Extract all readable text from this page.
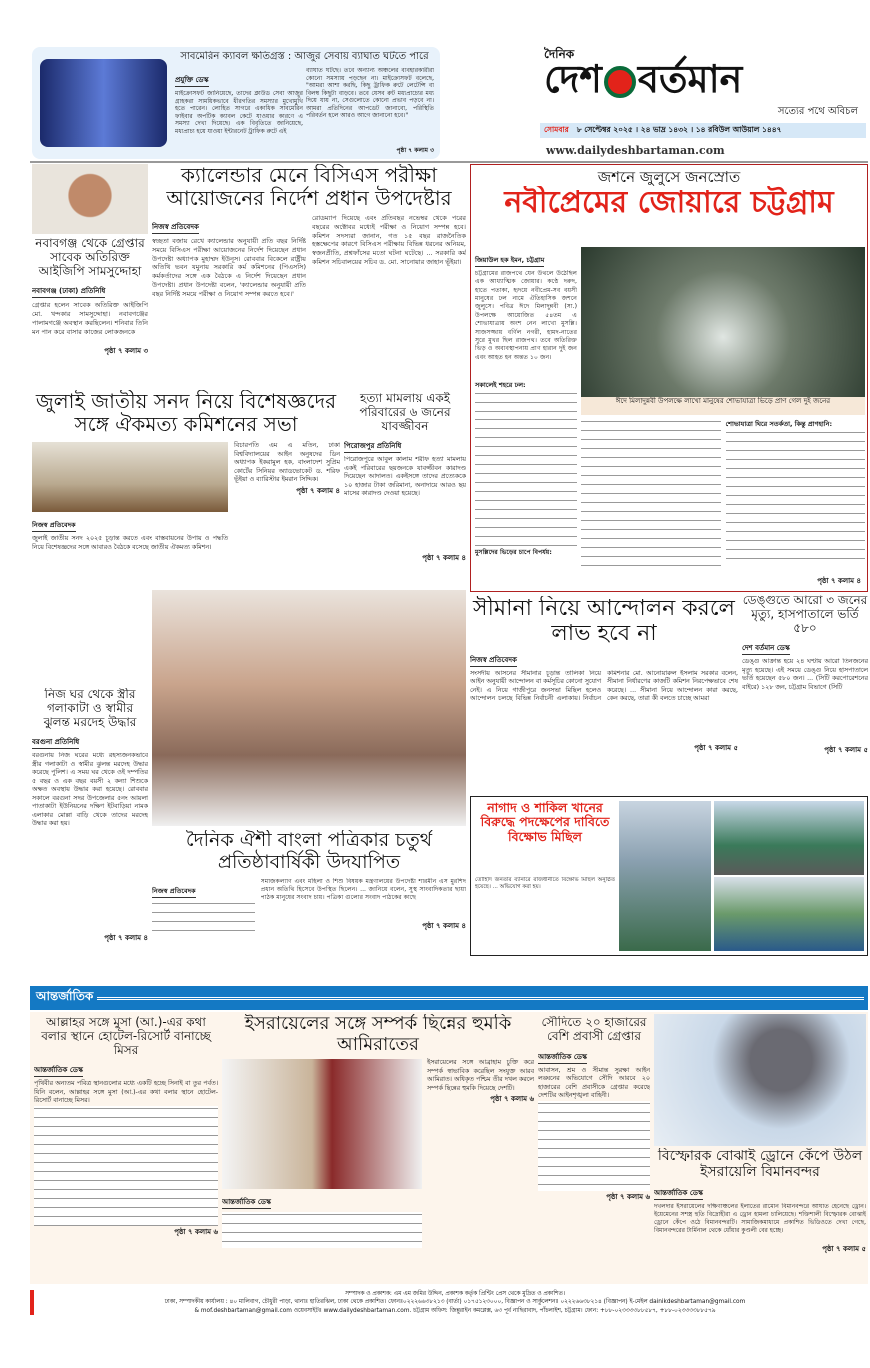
সাবমেরিন ক্যাবল ক্ষতিগ্রস্ত : আজুর সেবায় ব্যাঘাত ঘটতে পারে
প্রযুক্তি ডেস্ক
মাইক্রোসফট জানিয়েছে, তাদের ক্লাউড সেবা আজুর গ্রাহকরা সাময়িকভাবে ধীরগতির সমস্যার মুখোমুখি হতে পারেন। লোহিত সাগরে একাধিক সাবমেরিন ফাইবার অপটিক ক্যাবল কেটে যাওয়ার কারণে এ সমস্যা দেখা দিয়েছে। এক বিবৃতিতে জানিয়েছে, মধ্যপ্রাচ্য হয়ে যাওয়া ইন্টারনেট ট্রাফিক রুটে এই
ব্যাঘাত ঘটছে। তবে অন্যান্য অঞ্চলের ব্যবহারকারীরা কোনো সমস্যায় পড়ছেন না। মাইক্রোসফট বলেছে, "আমরা আশা করছি, কিছু ট্রাফিক রুটে লেটেন্সি বা বিলম্ব কিছুটা বাড়বে। তবে যেসব রুট মধ্যপ্রাচ্যের মধ্য দিয়ে যায় না, সেগুলোতে কোনো প্রভাব পড়বে না। আমরা প্রতিদিনের আপডেট জানাবো, পরিস্থিতি পরিবর্তন হলে আরও আগে জানানো হবে।"
পৃষ্ঠা ৭ কলাম ৩
দৈনিক
দেশ বর্তমান
সত্যের পথে অবিচল
সোমবার ৮ সেপ্টেম্বর ২০২৫ । ২৪ ভাদ্র ১৪৩২ । ১৪ রবিউল আউয়াল ১৪৪৭
www.dailydeshbartaman.com
নবাবগঞ্জ থেকে গ্রেপ্তার সাবেক অতিরিক্ত আইজিপি সামসুদ্দোহা
নবাবগঞ্জ (ঢাকা) প্রতিনিধি
গ্রেপ্তার হলেন সাবেক অতিরিক্ত আইজিপি মো. খন্দকার সামসুদ্দোহা। নবাবগঞ্জের পালামগঞ্জে অবস্থান করছিলেন। শনিবার তিনি মন পান করে বাসার কাজের লোকজনকে
পৃষ্ঠা ৭ কলাম ৩
ক্যালেন্ডার মেনে বিসিএস পরীক্ষা আয়োজনের নির্দেশ প্রধান উপদেষ্টার
নিজস্ব প্রতিবেদক
স্বচ্ছতা বজায় রেখে ক্যালেন্ডার অনুযায়ী প্রতি বছর নির্দিষ্ট সময়ে বিসিএস পরীক্ষা আয়োজনের নির্দেশ দিয়েছেন প্রধান উপদেষ্টা অধ্যাপক মুহাম্মদ ইউনূস। রোববার বিকেলে রাষ্ট্রীয় অতিথি ভবন যমুনায় সরকারি কর্ম কমিশনের (পিএসসি) কর্মকর্তাদের সঙ্গে এক বৈঠকে এ নির্দেশ দিয়েছেন প্রধান উপদেষ্টা। প্রধান উপদেষ্টা বলেন, 'ক্যালেন্ডার অনুযায়ী প্রতি বছর নির্দিষ্ট সময়ে পরীক্ষা ও নিয়োগ সম্পন্ন করতে হবে।'
রোডম্যাপ দিয়েছে এবং প্রতিবছর নভেম্বর থেকে পরের বছরের অক্টোবর মধ্যেই পরীক্ষা ও নিয়োগ সম্পন্ন হবে। কমিশন সদস্যরা জানান, গত ১৫ বছর রাজনৈতিক হস্তক্ষেপের কারণে বিসিএস পরীক্ষায় বিভিন্ন ধরনের অনিয়ম, স্বজনপ্রীতি, প্রশ্নফাঁসের মতো ঘটনা ঘটেছে। ... সরকারি কর্ম কমিশন সচিবালয়ের সচিব ড. মো. সানোয়ার জাহান ভূঁইয়া।
জশনে জুলুসে জনস্রোত
নবীপ্রেমের জোয়ারে চট্টগ্রাম
জিয়াউল হক ইমন, চট্টগ্রাম
চট্টগ্রামের রাজপথে যেন উথলে উঠেছিল এক আধ্যাত্মিক জোয়ার। কণ্ঠে দরুদ, হাতে পতাকা, হৃদয়ে নবীপ্রেম-সব বয়সী মানুষের ঢল নামে ঐতিহাসিক জশনে জুলুসে। পবিত্র ঈদে মিলাদুন্নবী (সা.) উপলক্ষে আয়োজিত ৫৪তম এ শোভাযাত্রায় অংশ নেন লাখো মুসল্লি। সাজসজ্জায় বর্ণিল নগরী, হামদ-নাতের সুরে মুখর ছিল রাজপথ। তবে অতিরিক্ত ভিড় ও অব্যবস্থাপনায় প্রাণ হারান দুই জন এবং আহত হন অন্তত ১০ জন।
সকালেই শহরে ঢল:
ঈদে মিলাদুন্নবী উপলক্ষে লাখো মানুষের শোভাযাত্রা ভিড়ে প্রাণ গেল দুই জনের
শোভাযাত্রা ঘিরে সতর্কতা, কিন্তু প্রাণহানি:
মুসল্লিদের ভিড়ের চাপে বিপর্যয়:
পৃষ্ঠা ৭ কলাম ৪
জুলাই জাতীয় সনদ নিয়ে বিশেষজ্ঞদের সঙ্গে ঐকমত্য কমিশনের সভা
নিজস্ব প্রতিবেদক
জুলাই জাতীয় সনদ ২০২৫ চূড়ান্ত করতে এবং বাস্তবায়নের উপায় ও পদ্ধতি নিয়ে বিশেষজ্ঞদের সঙ্গে আবারও বৈঠকে বসেছে জাতীয় ঐকমত্য কমিশন।
বিচারপতি এম এ মতিন, ঢাকা বিশ্ববিদ্যালয়ের আইন অনুষদের ডিন অধ্যাপক ইকরামুল হক, বাংলাদেশ সুপ্রিম কোর্টের সিনিয়র অ্যাডভোকেট ড. শরিফ ভূঁইয়া ও ব্যারিস্টার ইমরান সিদ্দিক।
পৃষ্ঠা ৭ কলাম ৪
হত্যা মামলায় একই পরিবারের ৬ জনের যাবজ্জীবন
পিরোজপুর প্রতিনিধি
পিরোজপুরে আবুল কালাম শরীফ হত্যা মামলায় একই পরিবারের ছয়জনকে যাবজ্জীবন কারাদণ্ড দিয়েছেন আদালত। একইসঙ্গে তাদের প্রত্যেককে ১০ হাজার টাকা জরিমানা, অনাদায়ে আরও ছয় মাসের কারাদণ্ড দেওয়া হয়েছে।
পৃষ্ঠা ৭ কলাম ৪
নিজ ঘর থেকে স্ত্রীর গলাকাটা ও স্বামীর ঝুলন্ত মরদেহ উদ্ধার
বরগুনা প্রতিনিধি
বরগুনায় নিজ ঘরের মধ্যে রহস্যজনকভাবে স্ত্রীর গলাকাটা ও স্বামীর ঝুলন্ত মরদেহ উদ্ধার করেছে পুলিশ। এ সময় ঘর থেকে ওই দম্পতির ৫ বছর ও এক বছর বয়সী ২ কন্যা শিশুকে অক্ষত অবস্থায় উদ্ধার করা হয়েছে। রোববার সকালে বরগুনা সদর উপজেলার ৫নং আয়লা পাতাকাটা ইউনিয়নের দক্ষিণ ইটবাড়িয়া নামক এলাকার মোল্লা বাড়ি থেকে তাদের মরদেহ উদ্ধার করা হয়।
পৃষ্ঠা ৭ কলাম ৪
দৈনিক ঐশী বাংলা পত্রিকার চতুর্থ প্রতিষ্ঠাবার্ষিকী উদযাপিত
নিজস্ব প্রতিবেদক
সমাজকল্যাণ এবং মহিলা ও শিশু বিষয়ক মন্ত্রণালয়ের উপদেষ্টা শারমীন এস মুরশিদ প্রধান অতিথি হিসেবে উপস্থিত ছিলেন। ... জানিয়ে বলেন, সুস্থ সাংবাদিকতার ছায়া পাঠক মানুষের সংবাদ চায়। পত্রিকা গুলোর সংবাদ পাঠকের কাছে
পৃষ্ঠা ৭ কলাম ৪
সীমানা নিয়ে আন্দোলন করলে লাভ হবে না
নিজস্ব প্রতিবেদক
সংসদীয় আসনের সীমানার চূড়ান্ত তালিকা নিয়ে আইন অনুযায়ী আন্দোলন বা কর্মসূচির কোনো সুযোগ নেই। এ নিয়ে গাজীপুরে জনসভা মিছিল হলেও আন্দোলন চলছে বিভিন্ন নির্বাচনী এলাকায়। নির্বাচন কমিশনার মো. আনোয়ারুল ইসলাম সরকার বলেন, সীমানা নির্ধারণের কাজটি কমিশন নিরপেক্ষভাবে শেষ করেছে। ... সীমানা নিয়ে আন্দোলন কারা করছে, কেন করছে, তারা কী বলতে চাচ্ছে আমরা
পৃষ্ঠা ৭ কলাম ৫
ডেঙ্গুতে আরো ৩ জনের মৃত্যু, হাসপাতালে ভর্তি ৫৮০
দেশ বর্তমান ডেস্ক
ডেঙ্গু আক্রান্ত হয়ে ২৪ ঘণ্টায় আরো তিনজনের মৃত্যু হয়েছে। এই সময়ে ডেঙ্গু নিয়ে হাসপাতালে ভর্তি হয়েছেন ৫৮০ জন। ... (সিটি করপোরেশনের বাইরে) ১২৮ জন, চট্টগ্রাম বিভাগে (সিটি
পৃষ্ঠা ৭ কলাম ৫
নাগাদ ও শাকিল খানের বিরুদ্ধে পদক্ষেপের দাবিতে বিক্ষোভ মিছিল
তৌহিদি জনতার ব্যানারে রাজধানীতে বিক্ষোভ মিছিল অনুষ্ঠিত হয়েছে। ... অভিযোগ করা হয়।
আন্তর্জাতিক
আল্লাহর সঙ্গে মুসা (আ.)-এর কথা বলার স্থানে হোটেল-রিসোর্ট বানাচ্ছে মিসর
আন্তর্জাতিক ডেস্ক
পৃথিবীর অন্যতম পবিত্র স্থানগুলোর মধ্যে একটি হচ্ছে সিনাই বা তুর পর্বত। যিনি বলেন, আল্লাহর সঙ্গে মুসা (আ.)-এর কথা বলার স্থানে হোটেল-রিসোর্ট বানাচ্ছে মিসর।
পৃষ্ঠা ৭ কলাম ৬
ইসরায়েলের সঙ্গে সম্পর্ক ছিন্নের হুমকি আমিরাতের
আন্তর্জাতিক ডেস্ক
ইসরায়েলের সঙ্গে আব্রাহাম চুক্তি করে সম্পর্ক স্বাভাবিক করেছিল সংযুক্ত আরব আমিরাত। অধিকৃত পশ্চিম তীর দখল করলে সম্পর্ক ছিন্নের হুমকি দিয়েছে দেশটি।
পৃষ্ঠা ৭ কলাম ৬
সৌদিতে ২০ হাজারের বেশি প্রবাসী গ্রেপ্তার
আন্তর্জাতিক ডেস্ক
আবাসন, শ্রম ও সীমান্ত সুরক্ষা আইন লঙ্ঘনের অভিযোগে সৌদি আরবে ২০ হাজারের বেশি প্রবাসীকে গ্রেপ্তার করেছে দেশটির আইনশৃঙ্খলা বাহিনী।
পৃষ্ঠা ৭ কলাম ৬
বিস্ফোরক বোঝাই ড্রোনে কেঁপে উঠল ইসরায়েলি বিমানবন্দর
আন্তর্জাতিক ডেস্ক
দখলদার ইসরায়েলের দক্ষিণাঞ্চলের ইলাতের রামোন বিমানবন্দরে আঘাত হেনেছে ড্রোন। ইয়েমেনের সশস্ত্র হুতি বিদ্রোহীরা এ ড্রোন হামলা চালিয়েছে। শক্তিশালী বিস্ফোরক বোঝাই ড্রোনে কেঁপে ওঠে বিমানবন্দরটি। সামাজিকমাধ্যমে প্রকাশিত ভিডিওতে দেখা গেছে, বিমানবন্দরের টার্মিনাল থেকে ধোঁয়ার কুণ্ডলী বের হচ্ছে।
পৃষ্ঠা ৭ কলাম ৫
সম্পাদক ও প্রকাশক: এম এম জমির উদ্দিন, প্রকাশক কর্তৃক প্রিন্টিং প্রেস থেকে মুদ্রিত ও প্রকাশিত।
ঢাকা, সম্পাদকীয় কার্যালয় : ৪০ মালিবাগ, চৌধুরী পাড়া, থানাঃ হাতিরঝিল, ঢাকা থেকে প্রকাশিত। ফোনঃ০২২২৬৬৩৮২১৩ (বার্তা) ০১৭৫১২৩০০০, বিজ্ঞাপন ও সার্কুলেশনঃ ০২২২৬৬৩৮২১৪ (বিজ্ঞাপন) ই-মেইল dainikdeshbartaman@gmail.com
& mof.deshbartaman@gmail.com ওয়েবসাইটঃ www.dailydeshbartaman.com. চট্টগ্রাম অফিস: জিন্নুরাইন কমপ্লেক্স, ৬৩ পূর্ব নাছিরাবাদ, পাঁচলাইশ, চট্টগ্রাম। ফোন: +৮৮-০২৩৩৩৩৮৮৫৮৭, +৮৮-০২৩৩৩৩৮৮৫৭৯
